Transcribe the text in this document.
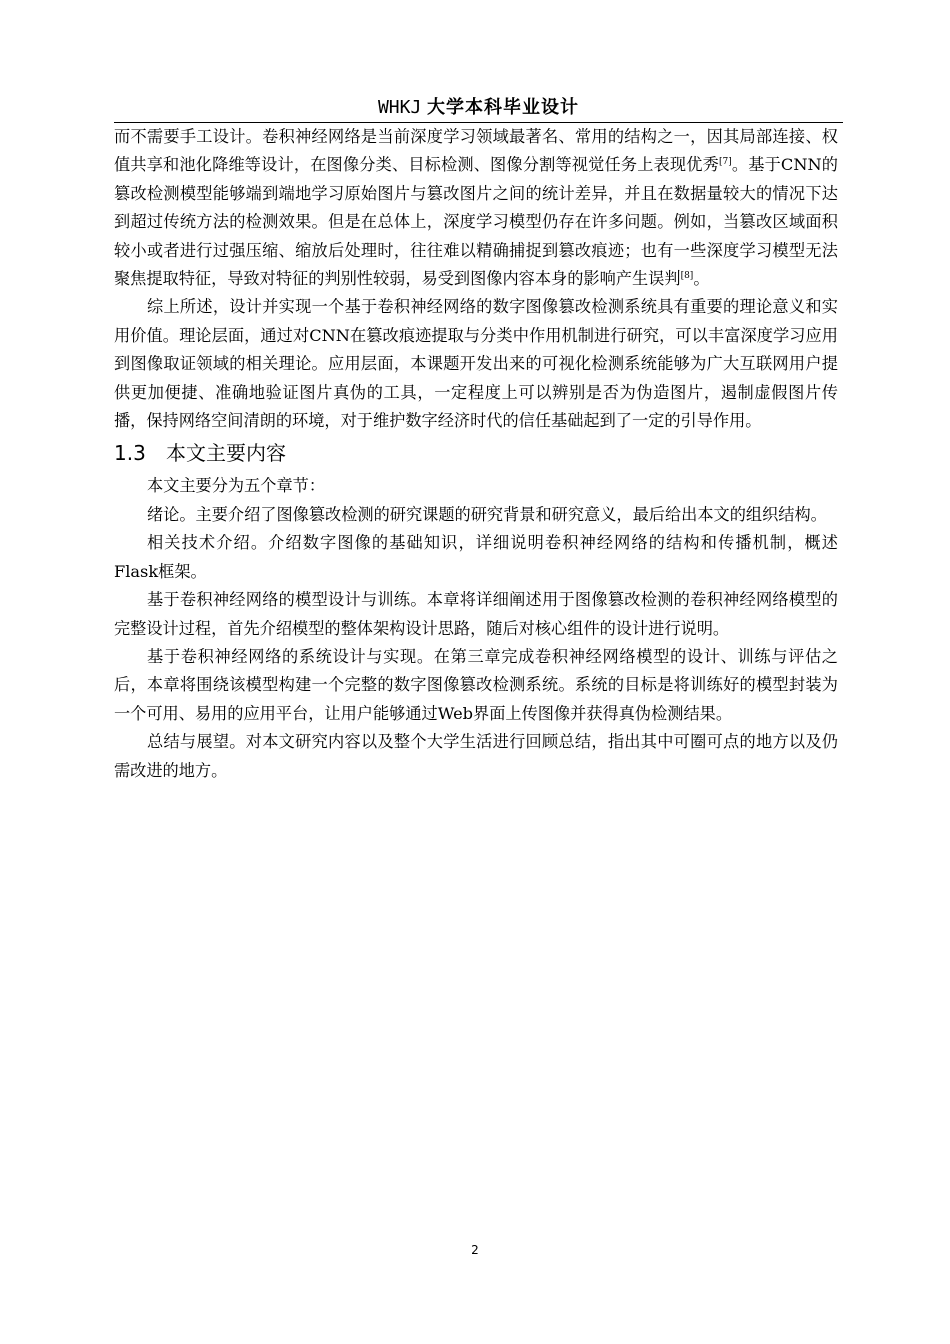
WHKJ 大学本科毕业设计

而不需要手工设计。卷积神经网络是当前深度学习领域最著名、常用的结构之一，因其局部连接、权值共享和池化降维等设计，在图像分类、目标检测、图像分割等视觉任务上表现优秀[7]。基于CNN的篡改检测模型能够端到端地学习原始图片与篡改图片之间的统计差异，并且在数据量较大的情况下达到超过传统方法的检测效果。但是在总体上，深度学习模型仍存在许多问题。例如，当篡改区域面积较小或者进行过强压缩、缩放后处理时，往往难以精确捕捉到篡改痕迹；也有一些深度学习模型无法聚焦提取特征，导致对特征的判别性较弱，易受到图像内容本身的影响产生误判[8]。

综上所述，设计并实现一个基于卷积神经网络的数字图像篡改检测系统具有重要的理论意义和实用价值。理论层面，通过对CNN在篡改痕迹提取与分类中作用机制进行研究，可以丰富深度学习应用到图像取证领域的相关理论。应用层面，本课题开发出来的可视化检测系统能够为广大互联网用户提供更加便捷、准确地验证图片真伪的工具，一定程度上可以辨别是否为伪造图片，遏制虚假图片传播，保持网络空间清朗的环境，对于维护数字经济时代的信任基础起到了一定的引导作用。

1.3 本文主要内容

本文主要分为五个章节：

绪论。主要介绍了图像篡改检测的研究课题的研究背景和研究意义，最后给出本文的组织结构。

相关技术介绍。介绍数字图像的基础知识，详细说明卷积神经网络的结构和传播机制，概述Flask框架。

基于卷积神经网络的模型设计与训练。本章将详细阐述用于图像篡改检测的卷积神经网络模型的完整设计过程，首先介绍模型的整体架构设计思路，随后对核心组件的设计进行说明。

基于卷积神经网络的系统设计与实现。在第三章完成卷积神经网络模型的设计、训练与评估之后，本章将围绕该模型构建一个完整的数字图像篡改检测系统。系统的目标是将训练好的模型封装为一个可用、易用的应用平台，让用户能够通过Web界面上传图像并获得真伪检测结果。

总结与展望。对本文研究内容以及整个大学生活进行回顾总结，指出其中可圈可点的地方以及仍需改进的地方。

2
